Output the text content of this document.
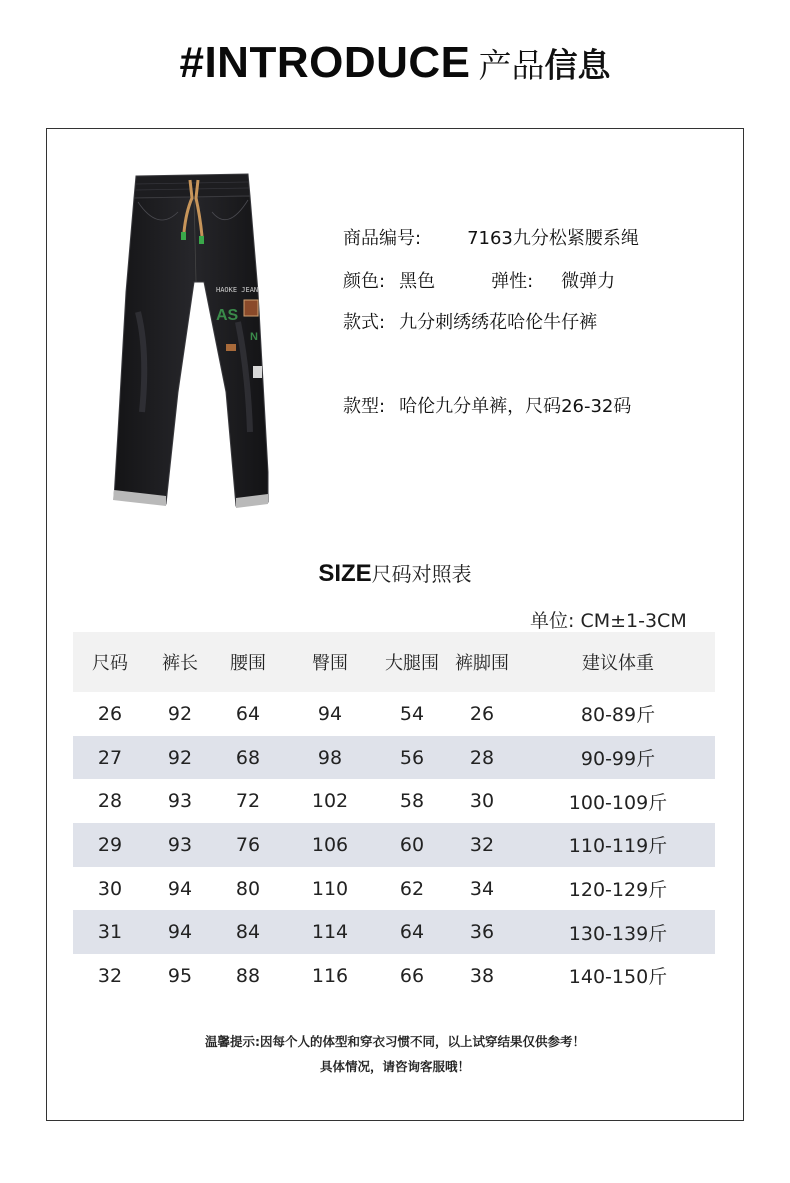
#INTRODUCE 产品信息
HAOKE JEAN
AS
N
商品编号:	7163九分松紧腰系绳
颜色: 黑色	弹性: 微弹力
款式: 九分刺绣绣花哈伦牛仔裤
款型: 哈伦九分单裤，尺码26-32码
SIZE尺码对照表
单位: CM±1-3CM
尺码	裤长	腰围	臀围	大腿围 裤脚围	建议体重
26	92	64	94	54	26	80-89斤
27	92	68	98	56	28	90-99斤
28	93	72	102	58	30	100-109斤
29	93	76	106	60	32	110-119斤
30	94	80	110	62	34	120-129斤
31	94	84	114	64	36	130-139斤
32	95	88	116	66	38	140-150斤
温馨提示:因每个人的体型和穿衣习惯不同，以上试穿结果仅供参考！
具体情况，请咨询客服哦！
